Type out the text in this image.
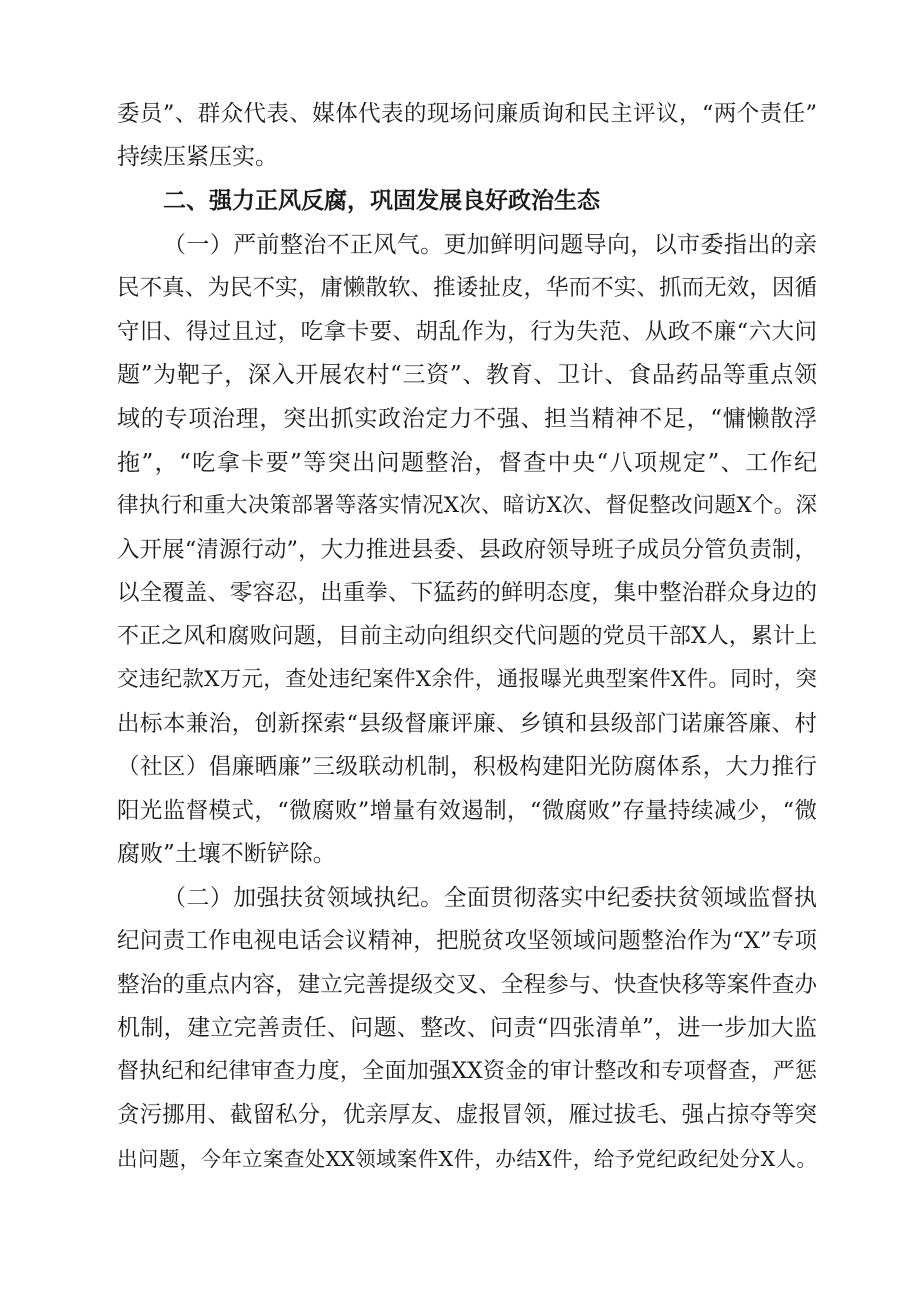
委员”、群众代表、媒体代表的现场问廉质询和民主评议，“两个责任”
持续压紧压实。
二、强力正风反腐，巩固发展良好政治生态
（一）严前整治不正风气。更加鲜明问题导向，以市委指出的亲
民不真、为民不实，庸懒散软、推诿扯皮，华而不实、抓而无效，因循
守旧、得过且过，吃拿卡要、胡乱作为，行为失范、从政不廉“六大问
题”为靶子，深入开展农村“三资”、教育、卫计、食品药品等重点领
域的专项治理，突出抓实政治定力不强、担当精神不足，“慵懒散浮
拖”，“吃拿卡要”等突出问题整治，督查中央“八项规定”、工作纪
律执行和重大决策部署等落实情况X次、暗访X次、督促整改问题X个。深
入开展“清源行动”，大力推进县委、县政府领导班子成员分管负责制，
以全覆盖、零容忍，出重拳、下猛药的鲜明态度，集中整治群众身边的
不正之风和腐败问题，目前主动向组织交代问题的党员干部X人，累计上
交违纪款X万元，查处违纪案件X余件，通报曝光典型案件X件。同时，突
出标本兼治，创新探索“县级督廉评廉、乡镇和县级部门诺廉答廉、村
（社区）倡廉晒廉”三级联动机制，积极构建阳光防腐体系，大力推行
阳光监督模式，“微腐败”增量有效遏制，“微腐败”存量持续减少，“微
腐败”土壤不断铲除。
（二）加强扶贫领域执纪。全面贯彻落实中纪委扶贫领域监督执
纪问责工作电视电话会议精神，把脱贫攻坚领域问题整治作为“X”专项
整治的重点内容，建立完善提级交叉、全程参与、快查快移等案件查办
机制，建立完善责任、问题、整改、问责“四张清单”，进一步加大监
督执纪和纪律审查力度，全面加强XX资金的审计整改和专项督查，严惩
贪污挪用、截留私分，优亲厚友、虚报冒领，雁过拔毛、强占掠夺等突
出问题，今年立案查处XX领域案件X件，办结X件，给予党纪政纪处分X人。
